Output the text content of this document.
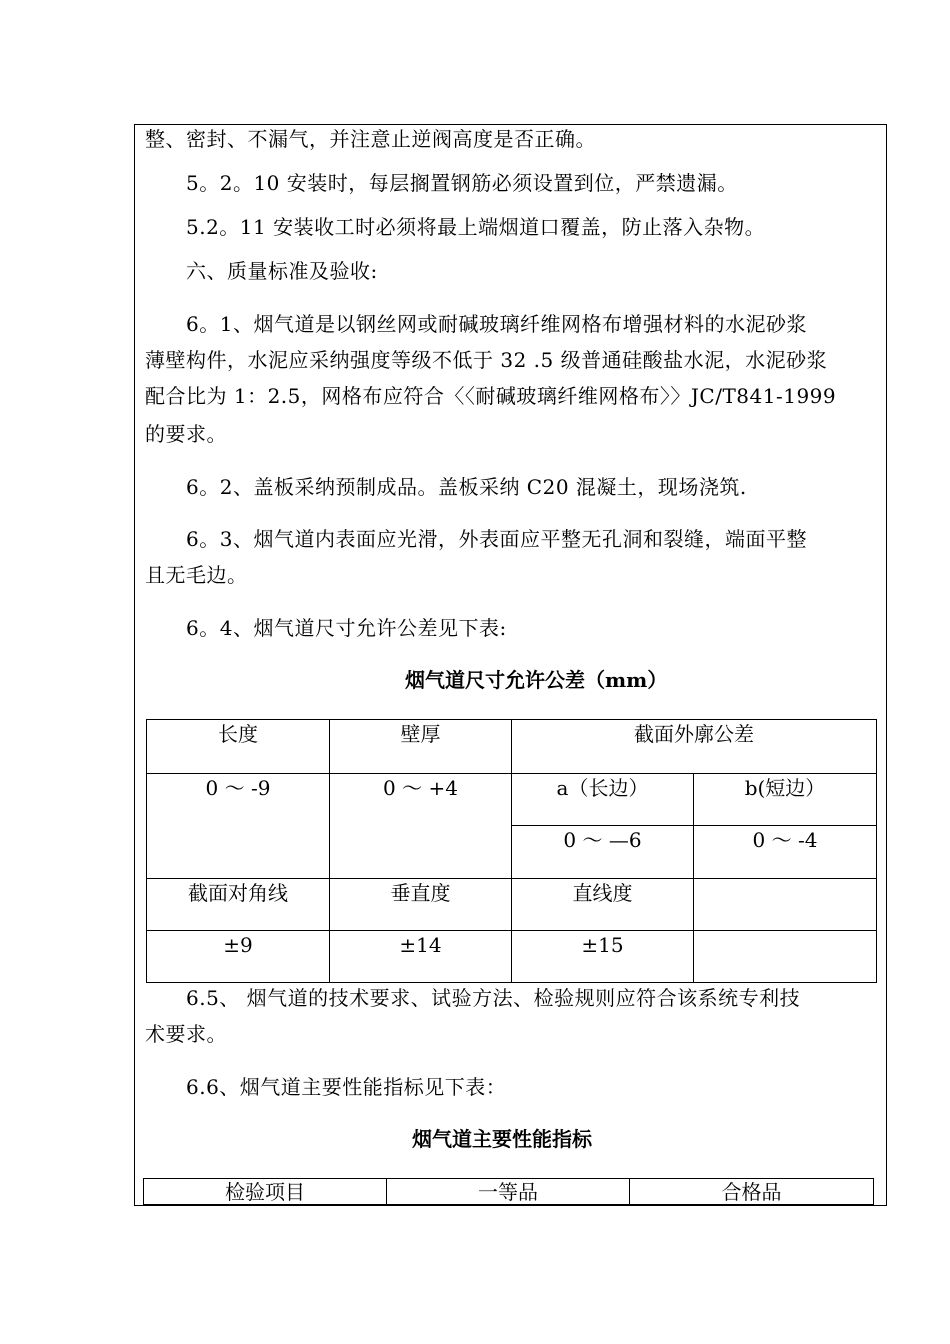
整、密封、不漏气，并注意止逆阀高度是否正确。
　　5。2。10 安装时，每层搁置钢筋必须设置到位，严禁遗漏。
　　5.2。11 安装收工时必须将最上端烟道口覆盖，防止落入杂物。
　　六、质量标准及验收:
　　6。1、烟气道是以钢丝网或耐碱玻璃纤维网格布增强材料的水泥砂浆
薄壁构件，水泥应采纳强度等级不低于 32 .5 级普通硅酸盐水泥，水泥砂浆
配合比为 1：2.5，网格布应符合〈〈耐碱玻璃纤维网格布〉〉JC/T841-1999
的要求。
　　6。2、盖板采纳预制成品。盖板采纳 C20 混凝土，现场浇筑.
　　6。3、烟气道内表面应光滑，外表面应平整无孔洞和裂缝，端面平整
且无毛边。
　　6。4、烟气道尺寸允许公差见下表:
烟气道尺寸允许公差（mm）
长度	壁厚	截面外廓公差	
0 ～ -9	0 ～ +4	a（长边）	b(短边）
		0 ～ —6	0 ～ -4
截面对角线	垂直度	直线度	
±9	±14	±15	
　　6.5、 烟气道的技术要求、试验方法、检验规则应符合该系统专利技
术要求。
　　6.6、烟气道主要性能指标见下表：
烟气道主要性能指标
检验项目	一等品	合格品
